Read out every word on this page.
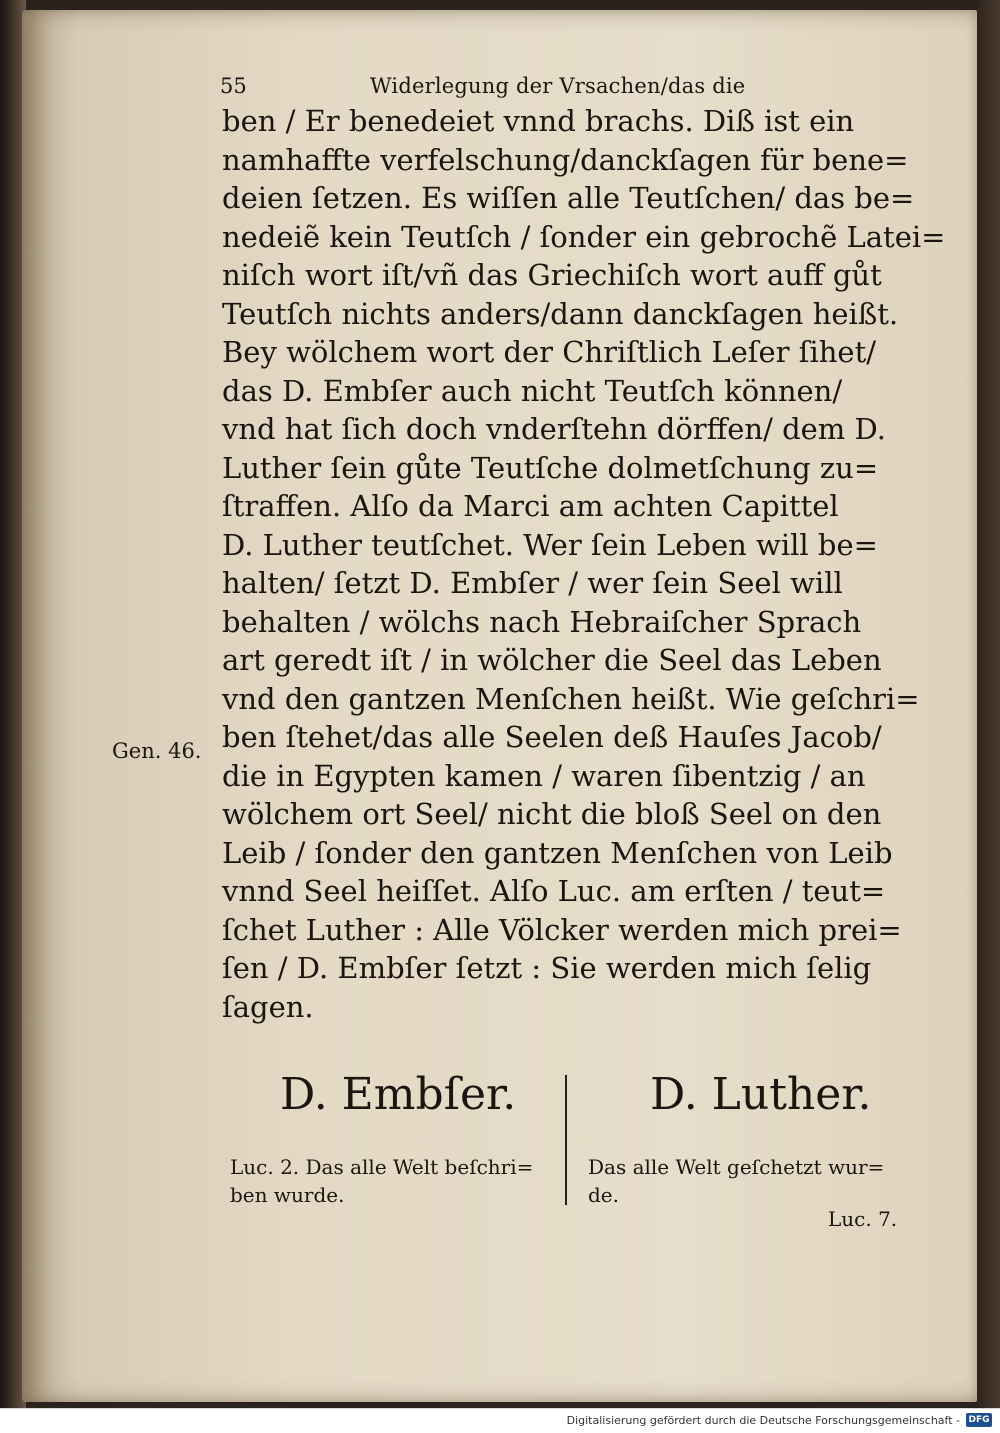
55	Widerlegung der Vrsachen/das die
ben / Er benedeiet vnnd brachs. Diß ist ein
namhaffte verfelschung/danckſagen für bene=
deien ſetzen. Es wiſſen alle Teutſchen/ das be=
nedeiẽ kein Teutſch / ſonder ein gebrochẽ Latei=
niſch wort iſt/vñ das Griechiſch wort auff gůt
Teutſch nichts anders/dann danckſagen heißt.
Bey wölchem wort der Chriſtlich Leſer ſihet/
das D. Embſer auch nicht Teutſch können/
vnd hat ſich doch vnderſtehn dörffen/ dem D.
Luther ſein gůte Teutſche dolmetſchung zu=
ſtraffen. Alſo da Marci am achten Capittel
D. Luther teutſchet. Wer ſein Leben will be=
halten/ ſetzt D. Embſer / wer ſein Seel will
behalten / wölchs nach Hebraiſcher Sprach
art geredt iſt / in wölcher die Seel das Leben
vnd den gantzen Menſchen heißt. Wie geſchri=
ben ſtehet/das alle Seelen deß Hauſes Jacob/
die in Egypten kamen / waren ſibentzig / an
wölchem ort Seel/ nicht die bloß Seel on den
Leib / ſonder den gantzen Menſchen von Leib
vnnd Seel heiſſet. Alſo Luc. am erſten / teut=
ſchet Luther : Alle Völcker werden mich prei=
ſen / D. Embſer ſetzt : Sie werden mich ſelig
ſagen.
Gen. 46.
D. Embſer.	D. Luther.
Luc. 2. Das alle Welt beſchri=
ben wurde.
Das alle Welt geſchetzt wur=
de.
Luc. 7.
Digitalisierung gefördert durch die Deutsche Forschungsgemeinschaft - DFG
